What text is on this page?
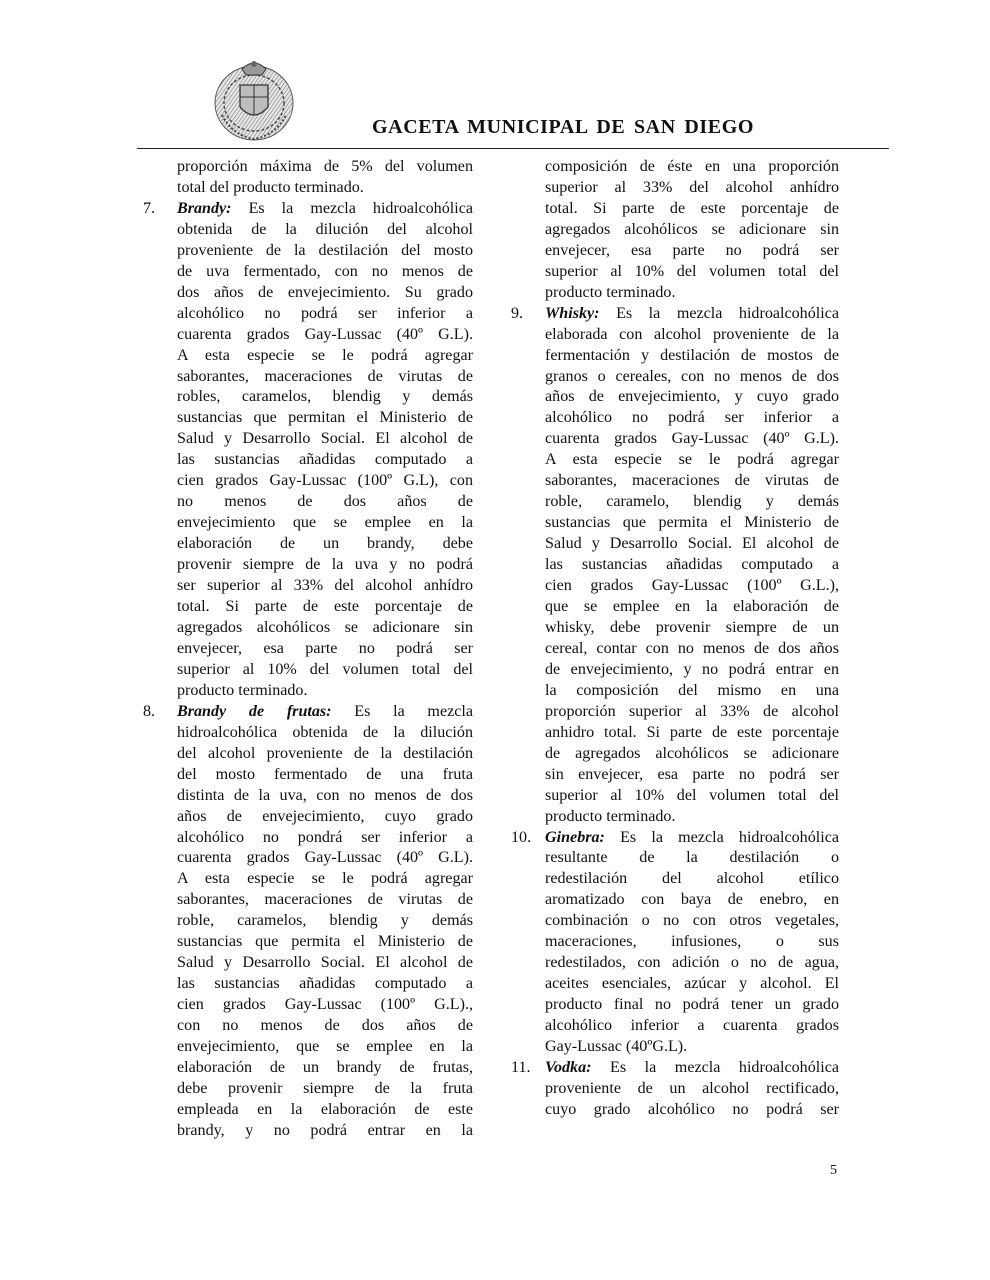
GACETA MUNICIPAL DE SAN DIEGO

proporción máxima de 5% del volumen

total del producto terminado.

7. Brandy: Es la mezcla hidroalcohólica

obtenida de la dilución del alcohol

proveniente de la destilación del mosto

de uva fermentado, con no menos de

dos años de envejecimiento. Su grado

alcohólico no podrá ser inferior a

cuarenta grados Gay-Lussac (40º G.L).

A esta especie se le podrá agregar

saborantes, maceraciones de virutas de

robles, caramelos, blendig y demás

sustancias que permitan el Ministerio de

Salud y Desarrollo Social. El alcohol de

las sustancias añadidas computado a

cien grados Gay-Lussac (100º G.L), con

no menos de dos años de

envejecimiento que se emplee en la

elaboración de un brandy, debe

provenir siempre de la uva y no podrá

ser superior al 33% del alcohol anhídro

total. Si parte de este porcentaje de

agregados alcohólicos se adicionare sin

envejecer, esa parte no podrá ser

superior al 10% del volumen total del

producto terminado.

8. Brandy de frutas: Es la mezcla

hidroalcohólica obtenida de la dilución

del alcohol proveniente de la destilación

del mosto fermentado de una fruta

distinta de la uva, con no menos de dos

años de envejecimiento, cuyo grado

alcohólico no pondrá ser inferior a

cuarenta grados Gay-Lussac (40º G.L).

A esta especie se le podrá agregar

saborantes, maceraciones de virutas de

roble, caramelos, blendig y demás

sustancias que permita el Ministerio de

Salud y Desarrollo Social. El alcohol de

las sustancias añadidas computado a

cien grados Gay-Lussac (100º G.L).,

con no menos de dos años de

envejecimiento, que se emplee en la

elaboración de un brandy de frutas,

debe provenir siempre de la fruta

empleada en la elaboración de este

brandy, y no podrá entrar en la

composición de éste en una proporción

superior al 33% del alcohol anhídro

total. Si parte de este porcentaje de

agregados alcohólicos se adicionare sin

envejecer, esa parte no podrá ser

superior al 10% del volumen total del

producto terminado.

9. Whisky: Es la mezcla hidroalcohólica

elaborada con alcohol proveniente de la

fermentación y destilación de mostos de

granos o cereales, con no menos de dos

años de envejecimiento, y cuyo grado

alcohólico no podrá ser inferior a

cuarenta grados Gay-Lussac (40º G.L).

A esta especie se le podrá agregar

saborantes, maceraciones de virutas de

roble, caramelo, blendig y demás

sustancias que permita el Ministerio de

Salud y Desarrollo Social. El alcohol de

las sustancias añadidas computado a

cien grados Gay-Lussac (100º G.L.),

que se emplee en la elaboración de

whisky, debe provenir siempre de un

cereal, contar con no menos de dos años

de envejecimiento, y no podrá entrar en

la composición del mismo en una

proporción superior al 33% de alcohol

anhidro total. Si parte de este porcentaje

de agregados alcohólicos se adicionare

sin envejecer, esa parte no podrá ser

superior al 10% del volumen total del

producto terminado.

10. Ginebra: Es la mezcla hidroalcohólica

resultante de la destilación o

redestilación del alcohol etílico

aromatizado con baya de enebro, en

combinación o no con otros vegetales,

maceraciones, infusiones, o sus

redestilados, con adición o no de agua,

aceites esenciales, azúcar y alcohol. El

producto final no podrá tener un grado

alcohólico inferior a cuarenta grados

Gay-Lussac (40ºG.L).

11. Vodka: Es la mezcla hidroalcohólica

proveniente de un alcohol rectificado,

cuyo grado alcohólico no podrá ser

5
